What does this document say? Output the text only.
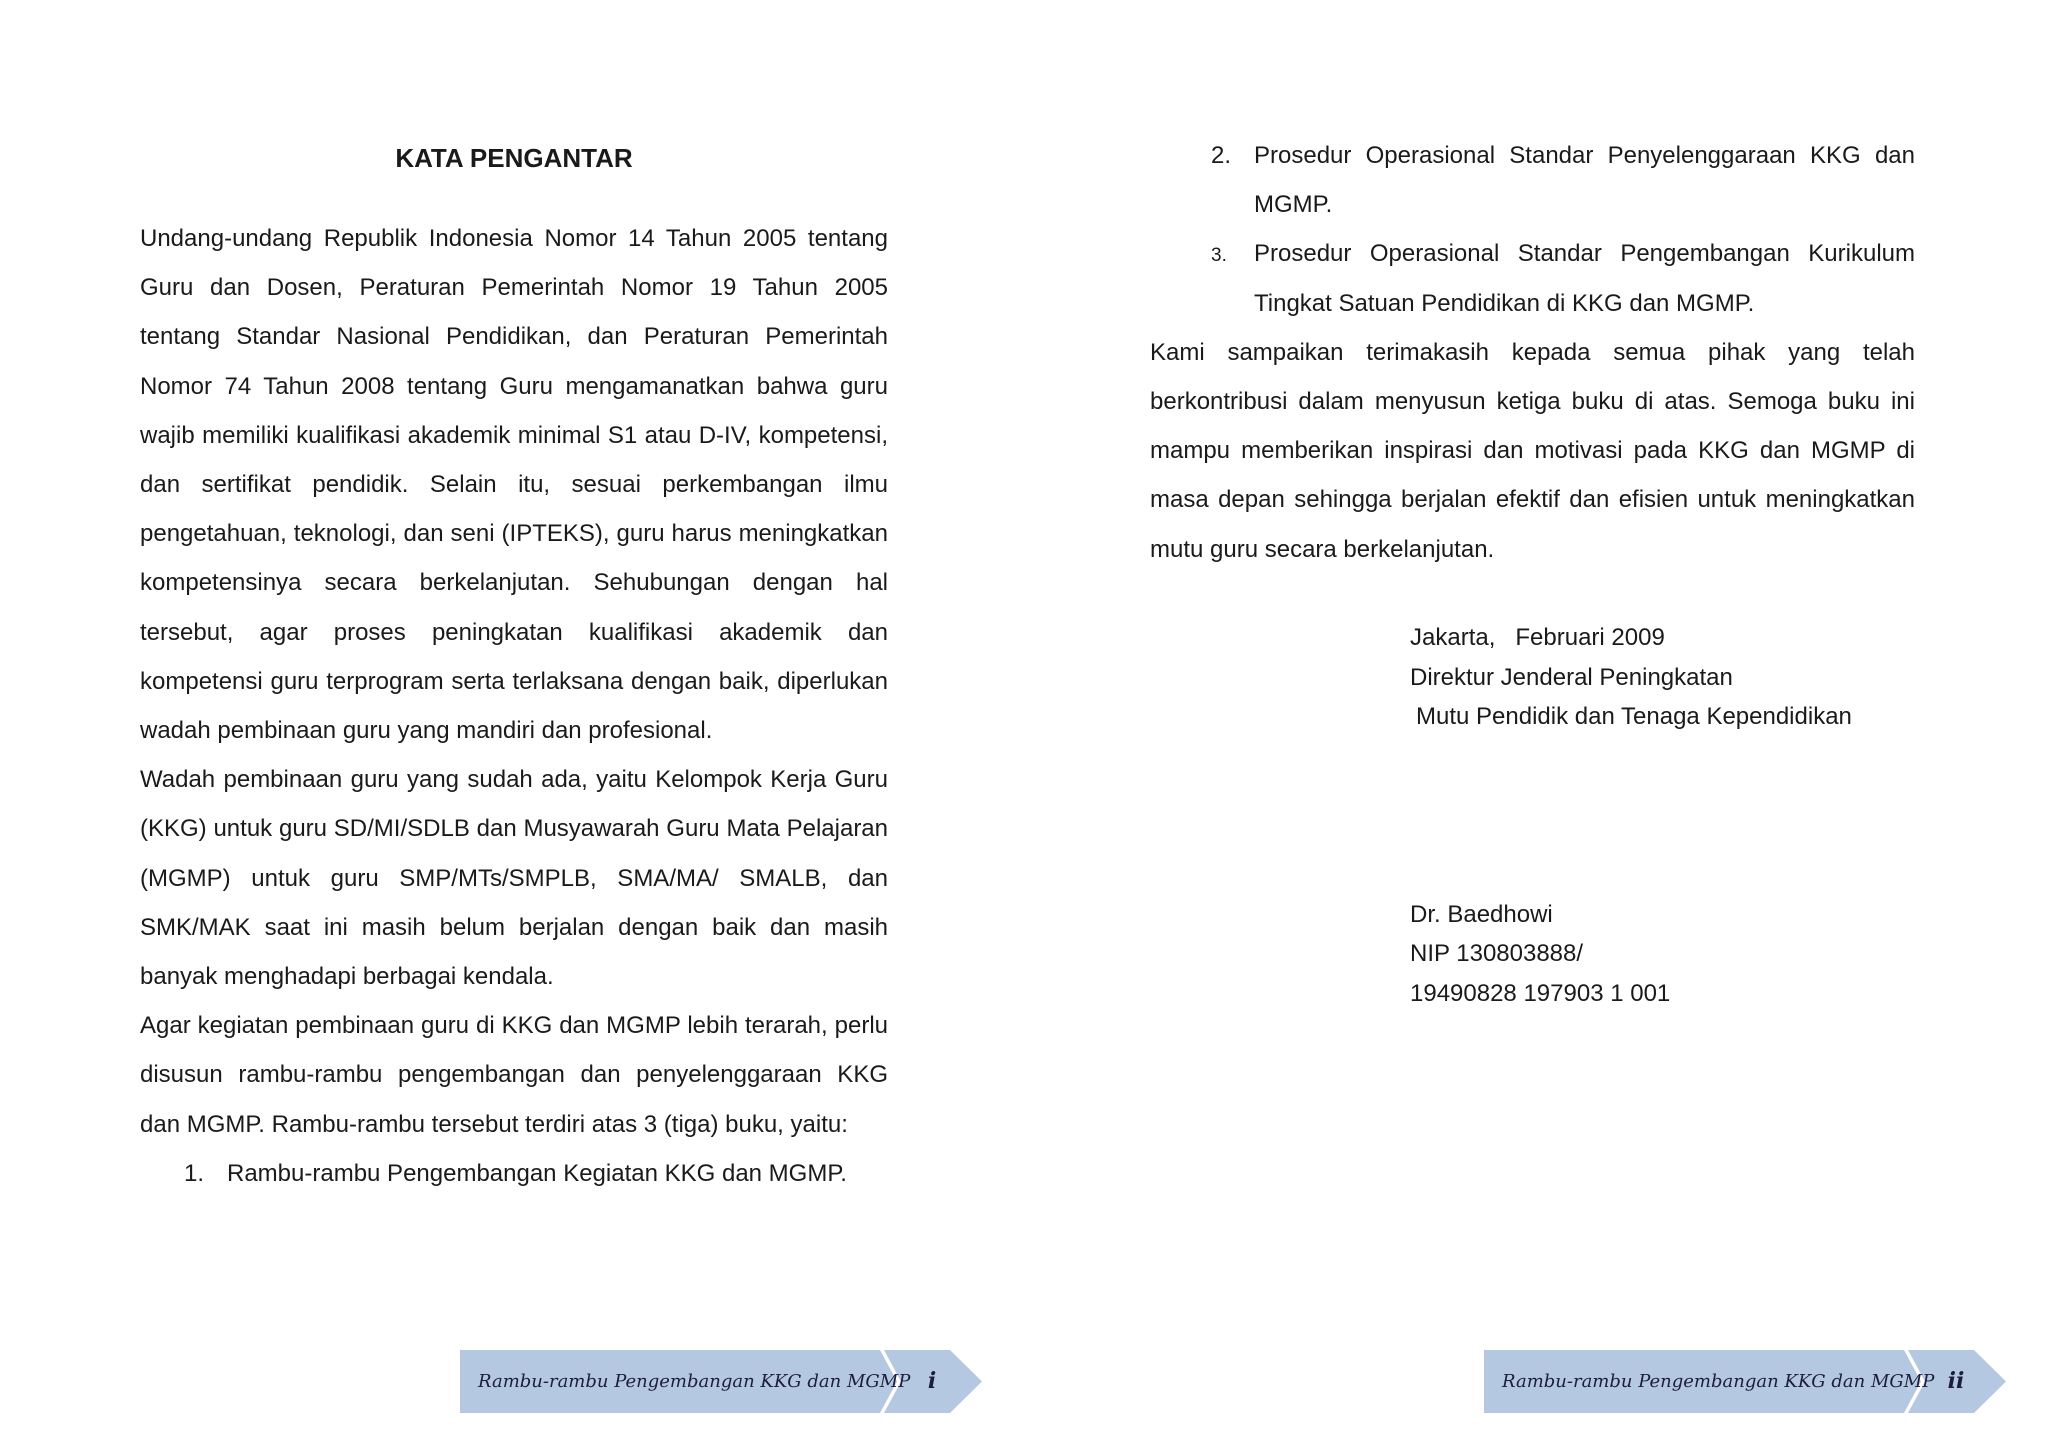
KATA PENGANTAR

Undang-undang Republik Indonesia Nomor 14 Tahun 2005 tentang Guru dan Dosen, Peraturan Pemerintah Nomor 19 Tahun 2005 tentang Standar Nasional Pendidikan, dan Peraturan Pemerintah Nomor 74 Tahun 2008 tentang Guru mengamanatkan bahwa guru wajib memiliki kualifikasi akademik minimal S1 atau D-IV, kompetensi, dan sertifikat pendidik. Selain itu, sesuai perkembangan ilmu pengetahuan, teknologi, dan seni (IPTEKS), guru harus meningkatkan kompetensinya secara berkelanjutan. Sehubungan dengan hal tersebut, agar proses peningkatan kualifikasi akademik dan kompetensi guru terprogram serta terlaksana dengan baik, diperlukan wadah pembinaan guru yang mandiri dan profesional.

Wadah pembinaan guru yang sudah ada, yaitu Kelompok Kerja Guru (KKG) untuk guru SD/MI/SDLB dan Musyawarah Guru Mata Pelajaran (MGMP) untuk guru SMP/MTs/SMPLB, SMA/MA/ SMALB, dan SMK/MAK saat ini masih belum berjalan dengan baik dan masih banyak menghadapi berbagai kendala.

Agar kegiatan pembinaan guru di KKG dan MGMP lebih terarah, perlu disusun rambu-rambu pengembangan dan penyelenggaraan KKG dan MGMP. Rambu-rambu tersebut terdiri atas 3 (tiga) buku, yaitu:

1. Rambu-rambu Pengembangan Kegiatan KKG dan MGMP.
Rambu-rambu Pengembangan KKG dan MGMP i
2. Prosedur Operasional Standar Penyelenggaraan KKG dan MGMP.
3. Prosedur Operasional Standar Pengembangan Kurikulum Tingkat Satuan Pendidikan di KKG dan MGMP.

Kami sampaikan terimakasih kepada semua pihak yang telah berkontribusi dalam menyusun ketiga buku di atas. Semoga buku ini mampu memberikan inspirasi dan motivasi pada KKG dan MGMP di masa depan sehingga berjalan efektif dan efisien untuk meningkatkan mutu guru secara berkelanjutan.

Jakarta,   Februari 2009
Direktur Jenderal Peningkatan
Mutu Pendidik dan Tenaga Kependidikan
Dr. Baedhowi
NIP 130803888/
19490828 197903 1 001
Rambu-rambu Pengembangan KKG dan MGMP ii
